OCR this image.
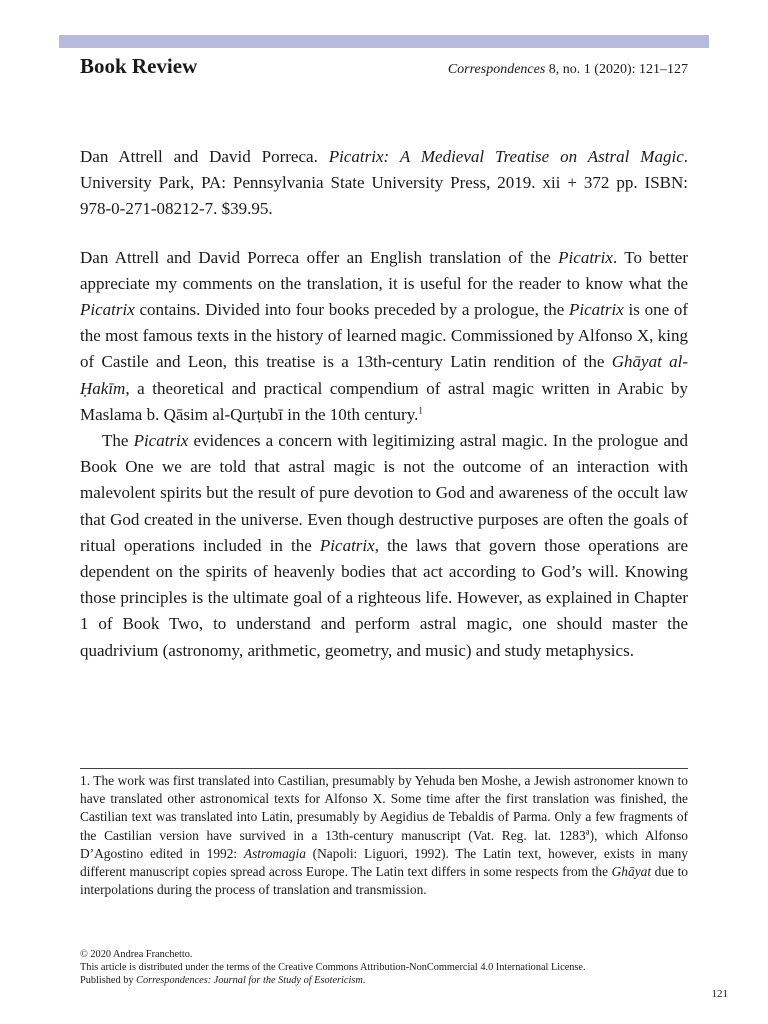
Book Review	Correspondences 8, no. 1 (2020): 121–127

Dan Attrell and David Porreca. Picatrix: A Medieval Treatise on Astral Magic. University Park, PA: Pennsylvania State University Press, 2019. xii + 372 pp. ISBN: 978-0-271-08212-7. $39.95.

Dan Attrell and David Porreca offer an English translation of the Picatrix. To better appreciate my comments on the translation, it is useful for the reader to know what the Picatrix contains. Divided into four books preceded by a prologue, the Picatrix is one of the most famous texts in the history of learned magic. Commissioned by Alfonso X, king of Castile and Leon, this treatise is a 13th-century Latin rendition of the Ghāyat al-Ḥakīm, a theoretical and practical compendium of astral magic written in Arabic by Maslama b. Qāsim al-Qurṭubī in the 10th century.$^1$

The Picatrix evidences a concern with legitimizing astral magic. In the prologue and Book One we are told that astral magic is not the outcome of an interaction with malevolent spirits but the result of pure devotion to God and awareness of the occult law that God created in the universe. Even though destructive purposes are often the goals of ritual operations included in the Picatrix, the laws that govern those operations are dependent on the spirits of heavenly bodies that act according to God’s will. Knowing those principles is the ultimate goal of a righteous life. However, as explained in Chapter 1 of Book Two, to understand and perform astral magic, one should master the quadrivium (astronomy, arithmetic, geometry, and music) and study metaphysics.

1. The work was first translated into Castilian, presumably by Yehuda ben Moshe, a Jewish astronomer known to have translated other astronomical texts for Alfonso X. Some time after the first translation was finished, the Castilian text was translated into Latin, presumably by Aegidius de Tebaldis of Parma. Only a few fragments of the Castilian version have survived in a 13th-century manuscript (Vat. Reg. lat. 1283$^a$), which Alfonso D’Agostino edited in 1992: Astromagia (Napoli: Liguori, 1992). The Latin text, however, exists in many different manuscript copies spread across Europe. The Latin text differs in some respects from the Ghāyat due to interpolations during the process of translation and transmission.

© 2020 Andrea Franchetto.
This article is distributed under the terms of the Creative Commons Attribution-NonCommercial 4.0 International License.
Published by Correspondences: Journal for the Study of Esotericism.
121
